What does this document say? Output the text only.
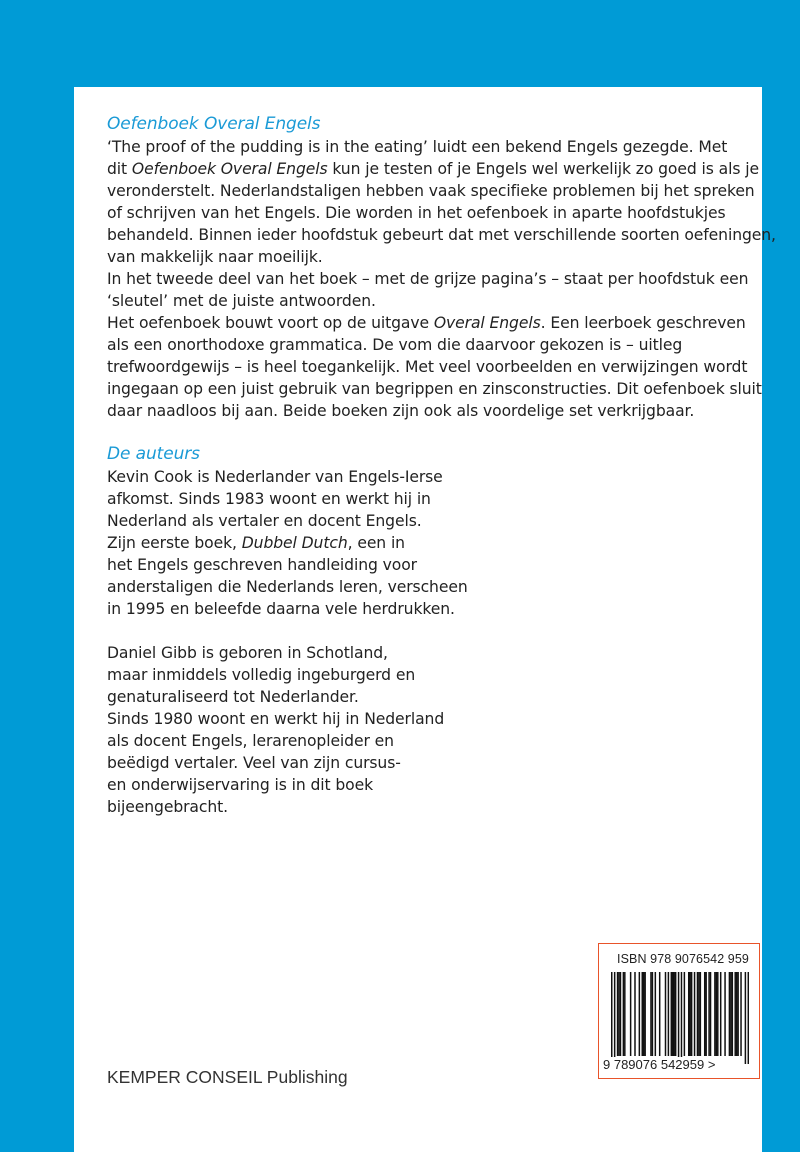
Oefenboek Overal Engels

‘The proof of the pudding is in the eating’ luidt een bekend Engels gezegde. Met
dit Oefenboek Overal Engels kun je testen of je Engels wel werkelijk zo goed is als je
veronderstelt. Nederlandstaligen hebben vaak specifieke problemen bij het spreken
of schrijven van het Engels. Die worden in het oefenboek in aparte hoofdstukjes
behandeld. Binnen ieder hoofdstuk gebeurt dat met verschillende soorten oefeningen,
van makkelijk naar moeilijk.
In het tweede deel van het boek – met de grijze pagina’s – staat per hoofdstuk een
‘sleutel’ met de juiste antwoorden.
Het oefenboek bouwt voort op de uitgave Overal Engels. Een leerboek geschreven
als een onorthodoxe grammatica. De vom die daarvoor gekozen is – uitleg
trefwoordgewijs – is heel toegankelijk. Met veel voorbeelden en verwijzingen wordt
ingegaan op een juist gebruik van begrippen en zinsconstructies. Dit oefenboek sluit
daar naadloos bij aan. Beide boeken zijn ook als voordelige set verkrijgbaar.

De auteurs

Kevin Cook is Nederlander van Engels-Ierse
afkomst. Sinds 1983 woont en werkt hij in
Nederland als vertaler en docent Engels.
Zijn eerste boek, Dubbel Dutch, een in
het Engels geschreven handleiding voor
anderstaligen die Nederlands leren, verscheen
in 1995 en beleefde daarna vele herdrukken.

Daniel Gibb is geboren in Schotland,
maar inmiddels volledig ingeburgerd en
genaturaliseerd tot Nederlander.
Sinds 1980 woont en werkt hij in Nederland
als docent Engels, lerarenopleider en
beëdigd vertaler. Veel van zijn cursus-
en onderwijservaring is in dit boek
bijeengebracht.

ISBN 978 9076542 959
9 789076 542959 >
KEMPER CONSEIL Publishing
